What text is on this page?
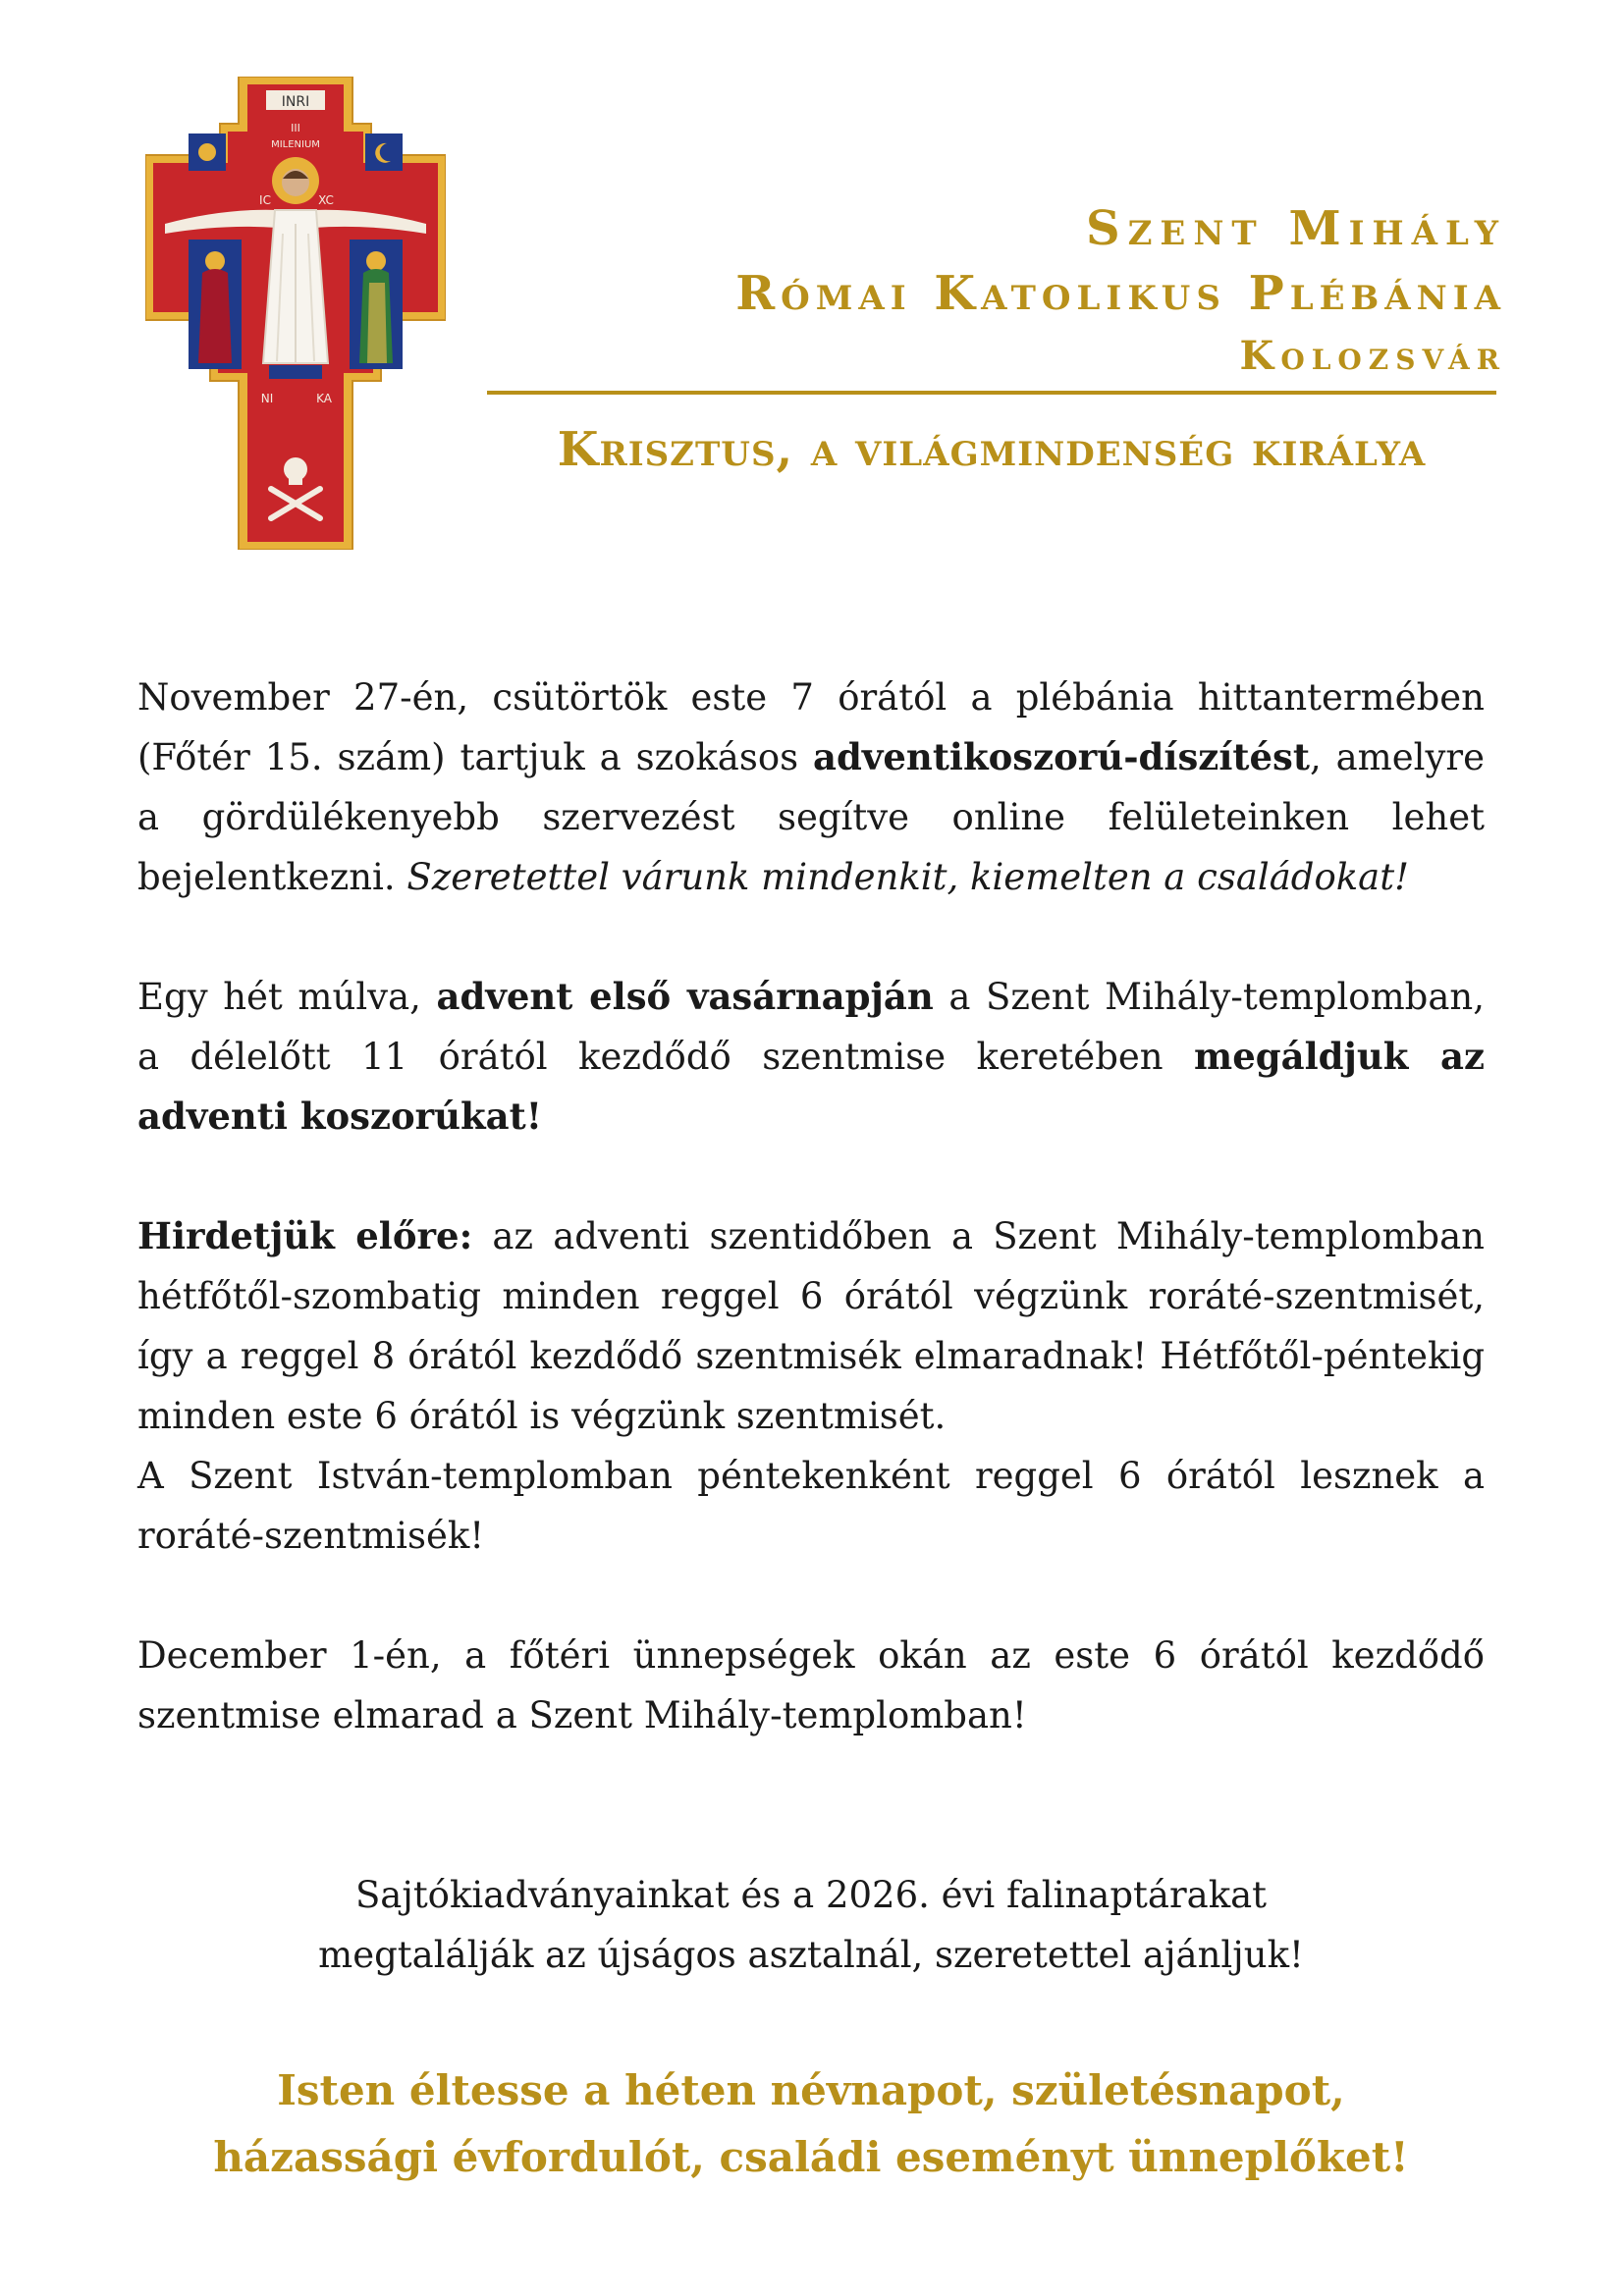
INRI
III
MILENIUM
IC	XC
NI	KA
Szent Mihály
Római Katolikus Plébánia
Kolozsvár
Krisztus, a világmindenség királya

November 27-én, csütörtök este 7 órától a plébánia hittantermében (Főtér 15. szám) tartjuk a szokásos adventikoszorú-díszítést, amelyre a gördülékenyebb szervezést segítve online felületeinken lehet bejelentkezni. Szeretettel várunk mindenkit, kiemelten a családokat!

Egy hét múlva, advent első vasárnapján a Szent Mihály-templomban, a délelőtt 11 órától kezdődő szentmise keretében megáldjuk az adventi koszorúkat!

Hirdetjük előre: az adventi szentidőben a Szent Mihály-templomban hétfőtől-szombatig minden reggel 6 órától végzünk roráté-szentmisét, így a reggel 8 órától kezdődő szentmisék elmaradnak! Hétfőtől-péntekig minden este 6 órától is végzünk szentmisét.

A Szent István-templomban péntekenként reggel 6 órától lesznek a roráté-szentmisék!

December 1-én, a főtéri ünnepségek okán az este 6 órától kezdődő szentmise elmarad a Szent Mihály-templomban!

Sajtókiadványainkat és a 2026. évi falinaptárakat
megtalálják az újságos asztalnál, szeretettel ajánljuk!
Isten éltesse a héten névnapot, születésnapot,
házassági évfordulót, családi eseményt ünneplőket!
